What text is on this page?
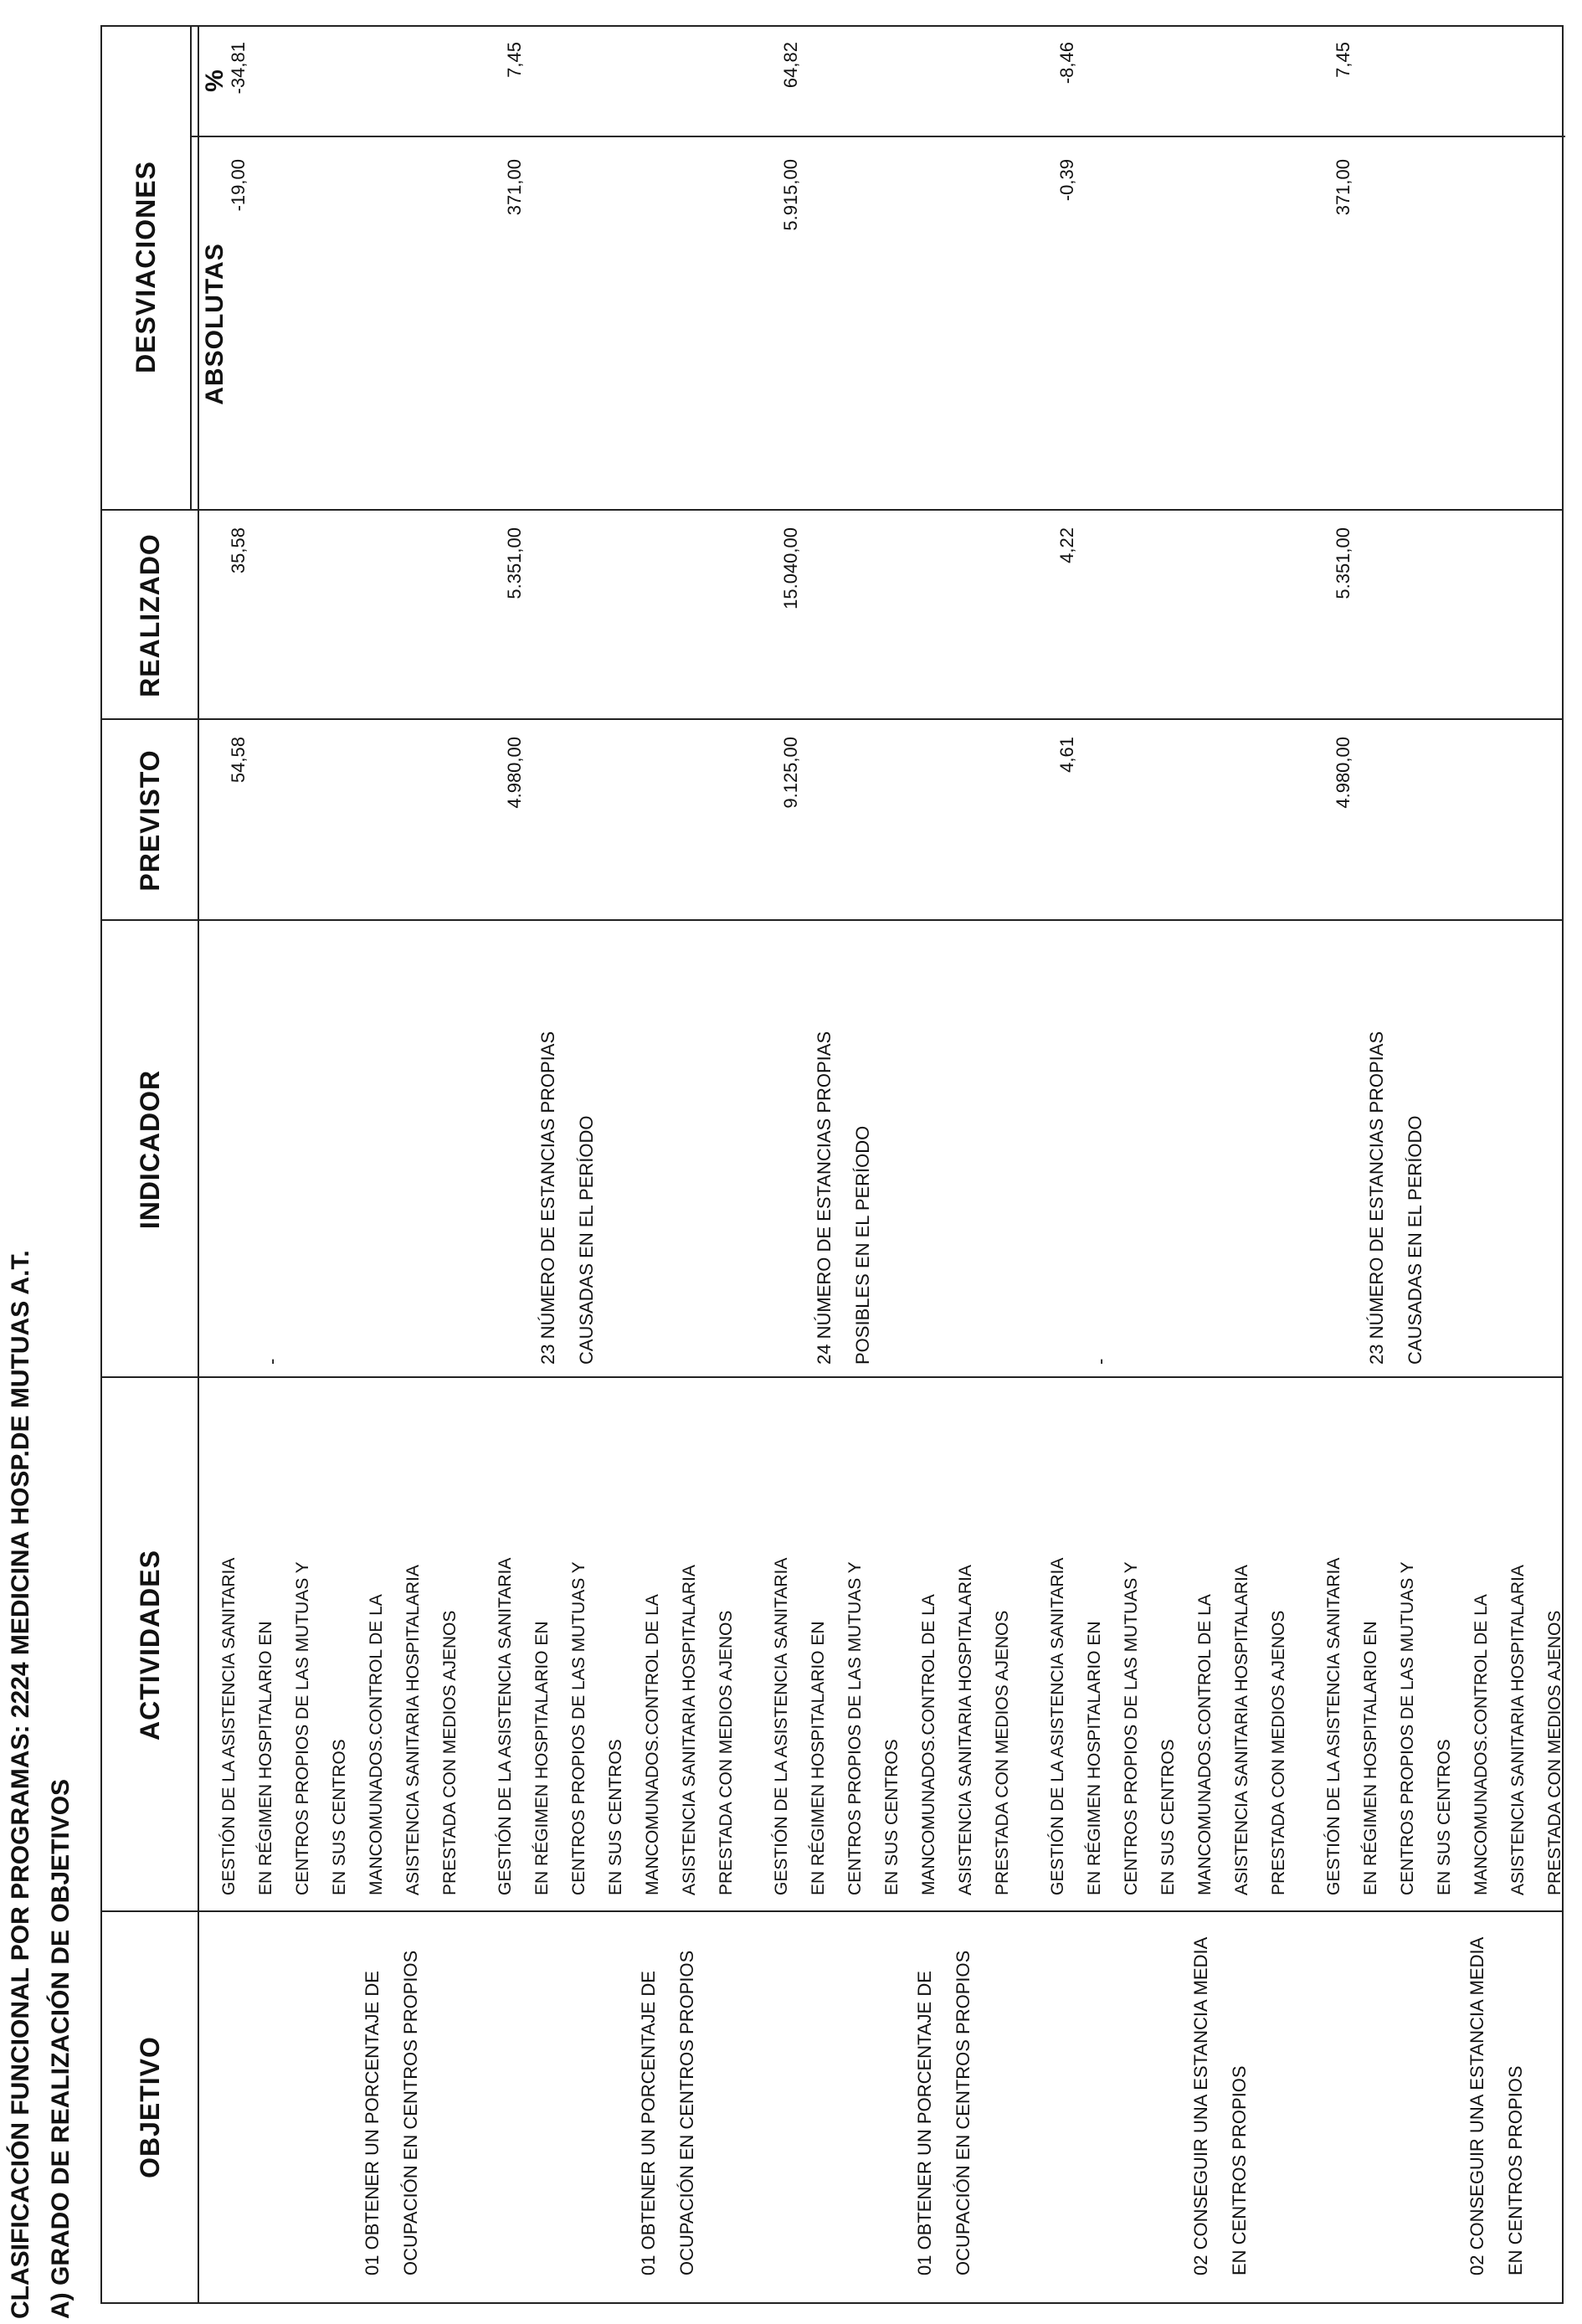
CLASIFICACIÓN FUNCIONAL POR PROGRAMAS: 2224 MEDICINA HOSP.DE MUTUAS A.T. A) GRADO DE REALIZACIÓN DE OBJETIVOS	OBJETIVO
ACTIVIDADES
INDICADOR
PREVISTO
REALIZADO
DESVIACIONES	ABSOLUTAS
%
01 OBTENER UN PORCENTAJE DE
OCUPACIÓN EN CENTROS PROPIOS
GESTIÓN DE LA ASISTENCIA SANITARIA
EN RÉGIMEN HOSPITALARIO EN
CENTROS PROPIOS DE LAS MUTUAS Y
EN SUS CENTROS
MANCOMUNADOS.CONTROL DE LA
ASISTENCIA SANITARIA HOSPITALARIA
PRESTADA CON MEDIOS AJENOS
-
54,58
35,58
-19,00
-34,81
01 OBTENER UN PORCENTAJE DE
OCUPACIÓN EN CENTROS PROPIOS
GESTIÓN DE LA ASISTENCIA SANITARIA
EN RÉGIMEN HOSPITALARIO EN
CENTROS PROPIOS DE LAS MUTUAS Y
EN SUS CENTROS
MANCOMUNADOS.CONTROL DE LA
ASISTENCIA SANITARIA HOSPITALARIA
PRESTADA CON MEDIOS AJENOS
23 NÚMERO DE ESTANCIAS PROPIAS
CAUSADAS EN EL PERÍODO
4.980,00
5.351,00
371,00
7,45
01 OBTENER UN PORCENTAJE DE
OCUPACIÓN EN CENTROS PROPIOS
GESTIÓN DE LA ASISTENCIA SANITARIA
EN RÉGIMEN HOSPITALARIO EN
CENTROS PROPIOS DE LAS MUTUAS Y
EN SUS CENTROS
MANCOMUNADOS.CONTROL DE LA
ASISTENCIA SANITARIA HOSPITALARIA
PRESTADA CON MEDIOS AJENOS
24 NÚMERO DE ESTANCIAS PROPIAS
POSIBLES EN EL PERÍODO
9.125,00
15.040,00
5.915,00
64,82
02 CONSEGUIR UNA ESTANCIA MEDIA
EN CENTROS PROPIOS
GESTIÓN DE LA ASISTENCIA SANITARIA
EN RÉGIMEN HOSPITALARIO EN
CENTROS PROPIOS DE LAS MUTUAS Y
EN SUS CENTROS
MANCOMUNADOS.CONTROL DE LA
ASISTENCIA SANITARIA HOSPITALARIA
PRESTADA CON MEDIOS AJENOS
-
4,61
4,22
-0,39
-8,46
02 CONSEGUIR UNA ESTANCIA MEDIA
EN CENTROS PROPIOS
GESTIÓN DE LA ASISTENCIA SANITARIA
EN RÉGIMEN HOSPITALARIO EN
CENTROS PROPIOS DE LAS MUTUAS Y
EN SUS CENTROS
MANCOMUNADOS.CONTROL DE LA
ASISTENCIA SANITARIA HOSPITALARIA
PRESTADA CON MEDIOS AJENOS
23 NÚMERO DE ESTANCIAS PROPIAS
CAUSADAS EN EL PERÍODO
4.980,00
5.351,00
371,00
7,45
